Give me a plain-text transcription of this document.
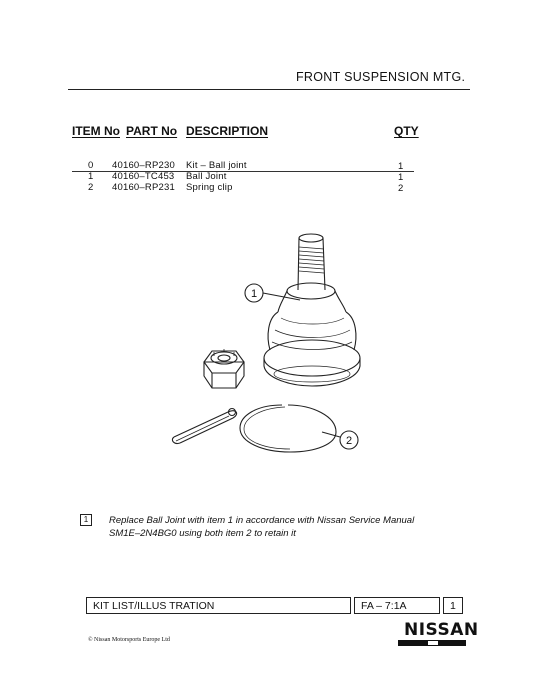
FRONT SUSPENSION MTG.
ITEM No PART No DESCRIPTION	QTY
0 40160–RP230 Kit – Ball joint	1
1 40160–TC453 Ball Joint	1
2 40160–RP231 Spring clip	2
1
2
1	Replace Ball Joint with item 1 in accordance with Nissan Service Manual
SM1E–2N4BG0 using both item 2 to retain it
KIT LIST/ILLUS TRATION	FA – 7:1A	1
© Nissan Motorsports Europe Ltd	NISSAN
